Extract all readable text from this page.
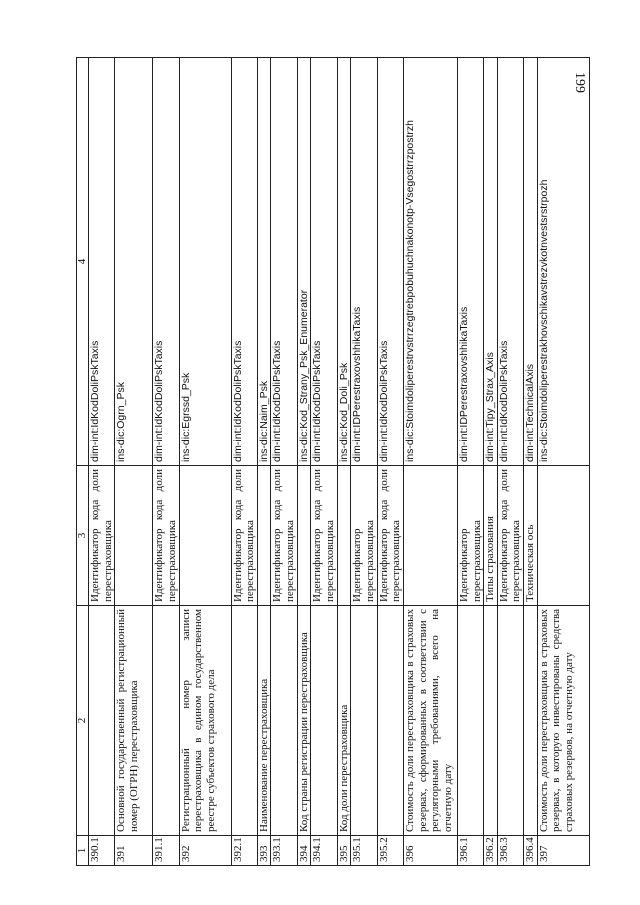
199
1	2	3	4
390.1		Идентификатор кода доли перестраховщика	dim-int:IdKodDoliPskTaxis
391	Основной государственный регистрационный номер (ОГРН) перестраховщика		ins-dic:Ogrn_Psk
391.1		Идентификатор кода доли перестраховщика	dim-int:IdKodDoliPskTaxis
392	Регистрационный номер записи перестраховщика в едином государственном реестре субъектов страхового дела		ins-dic:Egrssd_Psk
392.1		Идентификатор кода доли перестраховщика	dim-int:IdKodDoliPskTaxis
393	Наименование перестраховщика		ins-dic:Naim_Psk
393.1		Идентификатор кода доли перестраховщика	dim-int:IdKodDoliPskTaxis
394	Код страны регистрации перестраховщика		ins-dic:Kod_Strany_Psk_Enumerator
394.1		Идентификатор кода доли перестраховщика	dim-int:IdKodDoliPskTaxis
395	Код доли перестраховщика		ins-dic:Kod_Doli_Psk
395.1		Идентификатор перестраховщика	dim-int:IDPerestraxovshhikaTaxis
395.2		Идентификатор кода доли перестраховщика	dim-int:IdKodDoliPskTaxis
396	Стоимость доли перестраховщика в страховых резервах, сформированных в соответствии с регуляторными требованиями, всего на отчетную дату		ins-dic:Stoimdoliperestrvstrrzegtrebpobuhuchnakonotp-Vsegostrrzpostrzh
396.1		Идентификатор перестраховщика	dim-int:IDPerestraxovshhikaTaxis
396.2		Типы страхования	dim-int:Tipy_Strax_Axis
396.3		Идентификатор кода доли перестраховщика	dim-int:IdKodDoliPskTaxis
396.4		Техническая ось	dim-int:TechnicalAxis
397	Стоимость доли перестраховщика в страховых резервах, в которую инвестированы средства страховых резервов, на отчетную дату		ins-dic:Stoimdoliperestrakhovschikavstrezvkotnvestsrstrpozh
